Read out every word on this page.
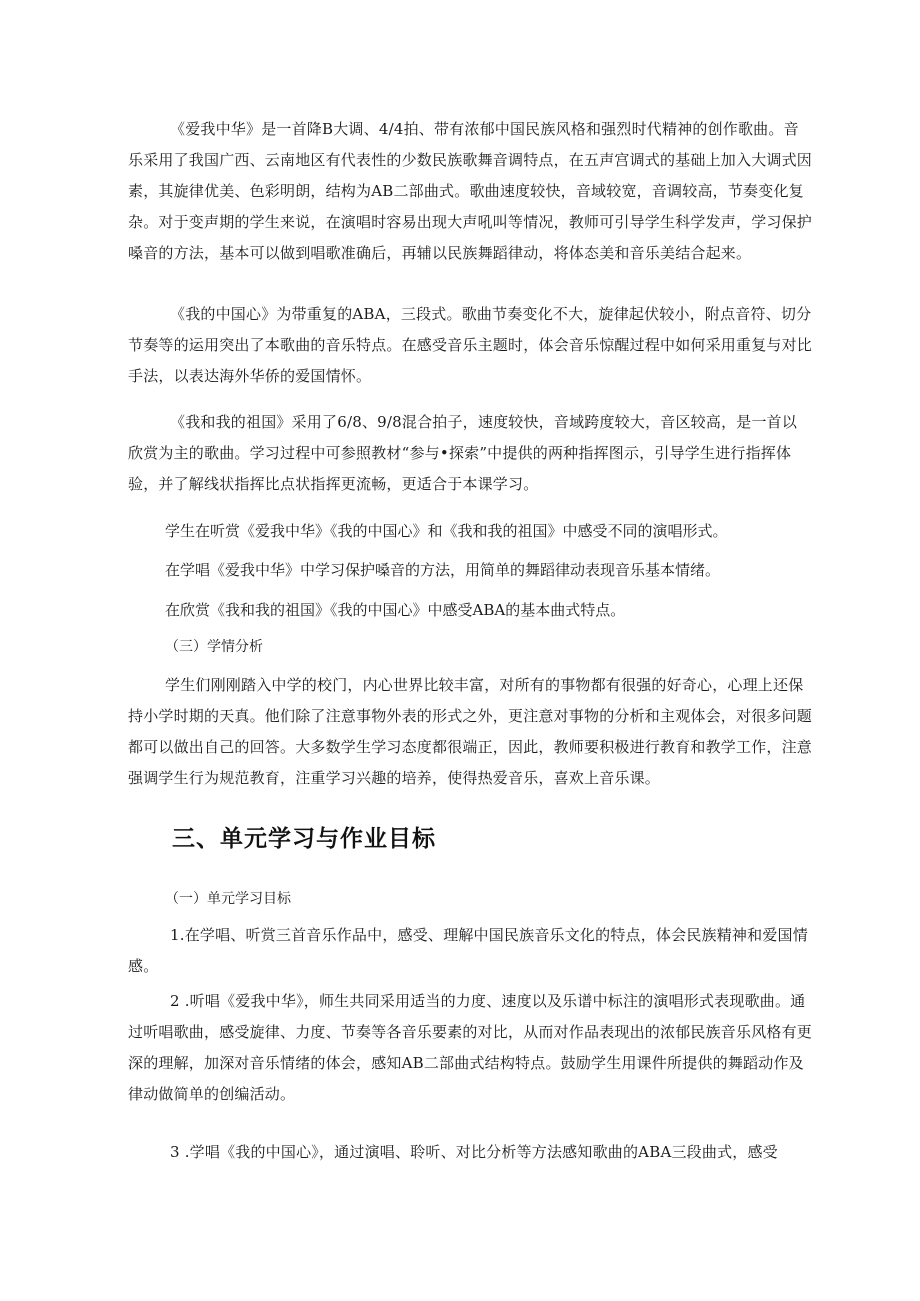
《爱我中华》是一首降B大调、4/4拍、带有浓郁中国民族风格和强烈时代精神的创作歌曲。音乐采用了我国广西、云南地区有代表性的少数民族歌舞音调特点，在五声宫调式的基础上加入大调式因素，其旋律优美、色彩明朗，结构为AB二部曲式。歌曲速度较快，音域较宽，音调较高，节奏变化复杂。对于变声期的学生来说，在演唱时容易出现大声吼叫等情况，教师可引导学生科学发声，学习保护嗓音的方法，基本可以做到唱歌准确后，再辅以民族舞蹈律动，将体态美和音乐美结合起来。

《我的中国心》为带重复的ABA，三段式。歌曲节奏变化不大，旋律起伏较小，附点音符、切分节奏等的运用突出了本歌曲的音乐特点。在感受音乐主题时，体会音乐惊醒过程中如何采用重复与对比手法，以表达海外华侨的爱国情怀。

《我和我的祖国》采用了6/8、9/8混合拍子，速度较快，音域跨度较大，音区较高，是一首以欣赏为主的歌曲。学习过程中可参照教材“参与•探索”中提供的两种指挥图示，引导学生进行指挥体验，并了解线状指挥比点状指挥更流畅，更适合于本课学习。

学生在听赏《爱我中华》《我的中国心》和《我和我的祖国》中感受不同的演唱形式。

在学唱《爱我中华》中学习保护嗓音的方法，用简单的舞蹈律动表现音乐基本情绪。

在欣赏《我和我的祖国》《我的中国心》中感受ABA的基本曲式特点。

（三）学情分析

学生们刚刚踏入中学的校门，内心世界比较丰富，对所有的事物都有很强的好奇心，心理上还保持小学时期的天真。他们除了注意事物外表的形式之外，更注意对事物的分析和主观体会，对很多问题都可以做出自己的回答。大多数学生学习态度都很端正，因此，教师要积极进行教育和教学工作，注意强调学生行为规范教育，注重学习兴趣的培养，使得热爱音乐，喜欢上音乐课。

三、单元学习与作业目标

（一）单元学习目标

1.在学唱、听赏三首音乐作品中，感受、理解中国民族音乐文化的特点，体会民族精神和爱国情感。

2 .听唱《爱我中华》，师生共同采用适当的力度、速度以及乐谱中标注的演唱形式表现歌曲。通过听唱歌曲，感受旋律、力度、节奏等各音乐要素的对比，从而对作品表现出的浓郁民族音乐风格有更深的理解，加深对音乐情绪的体会，感知AB二部曲式结构特点。鼓励学生用课件所提供的舞蹈动作及律动做简单的创编活动。

3 .学唱《我的中国心》，通过演唱、聆听、对比分析等方法感知歌曲的ABA三段曲式，感受
